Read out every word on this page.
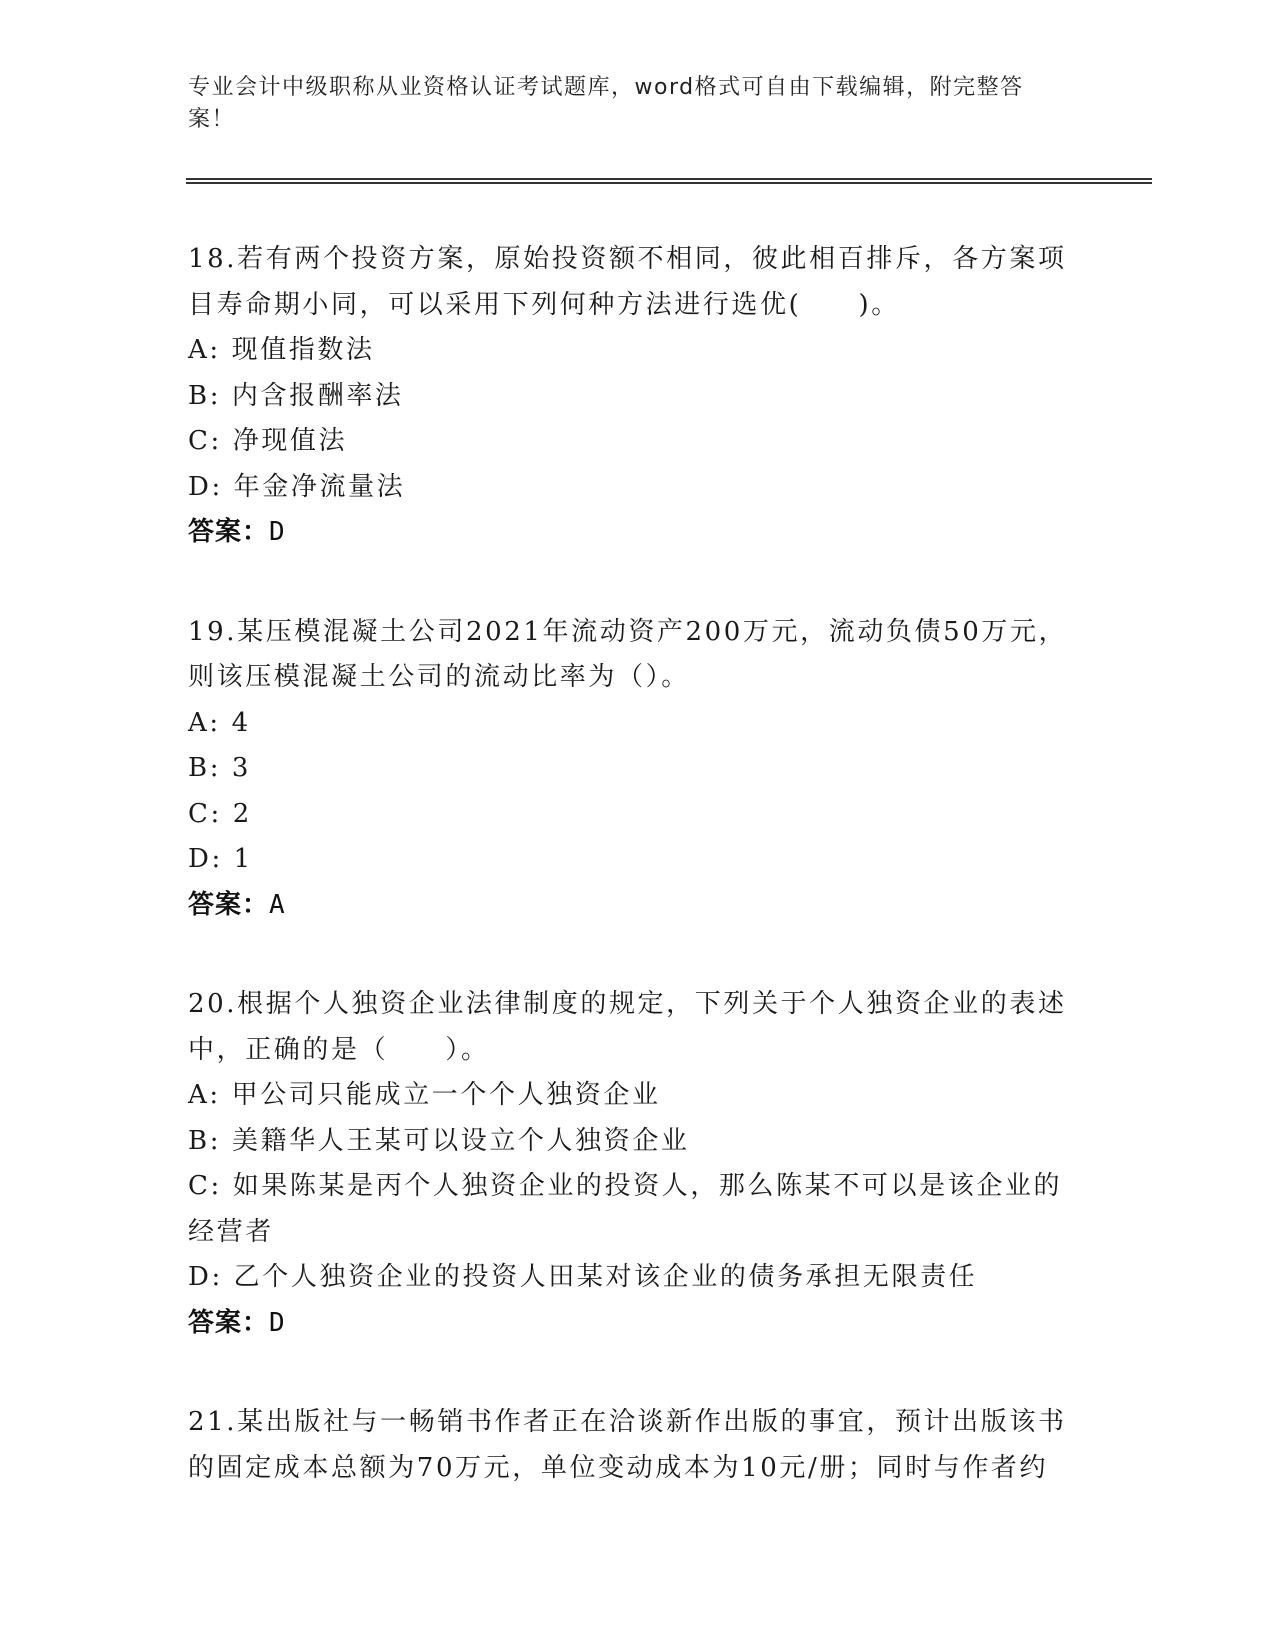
专业会计中级职称从业资格认证考试题库，word格式可自由下载编辑，附完整答案！

18.若有两个投资方案，原始投资额不相同，彼此相百排斥，各方案项目寿命期小同，可以采用下列何种方法进行选优(　　)。

A: 现值指数法

B: 内含报酬率法

C: 净现值法

D: 年金净流量法

答案：D

19.某压模混凝土公司2021年流动资产200万元，流动负债50万元，则该压模混凝土公司的流动比率为（）。

A: 4

B: 3

C: 2

D: 1

答案：A

20.根据个人独资企业法律制度的规定，下列关于个人独资企业的表述中，正确的是（　　）。

A: 甲公司只能成立一个个人独资企业

B: 美籍华人王某可以设立个人独资企业

C: 如果陈某是丙个人独资企业的投资人，那么陈某不可以是该企业的经营者

D: 乙个人独资企业的投资人田某对该企业的债务承担无限责任

答案：D

21.某出版社与一畅销书作者正在洽谈新作出版的事宜，预计出版该书的固定成本总额为70万元，单位变动成本为10元/册；同时与作者约
